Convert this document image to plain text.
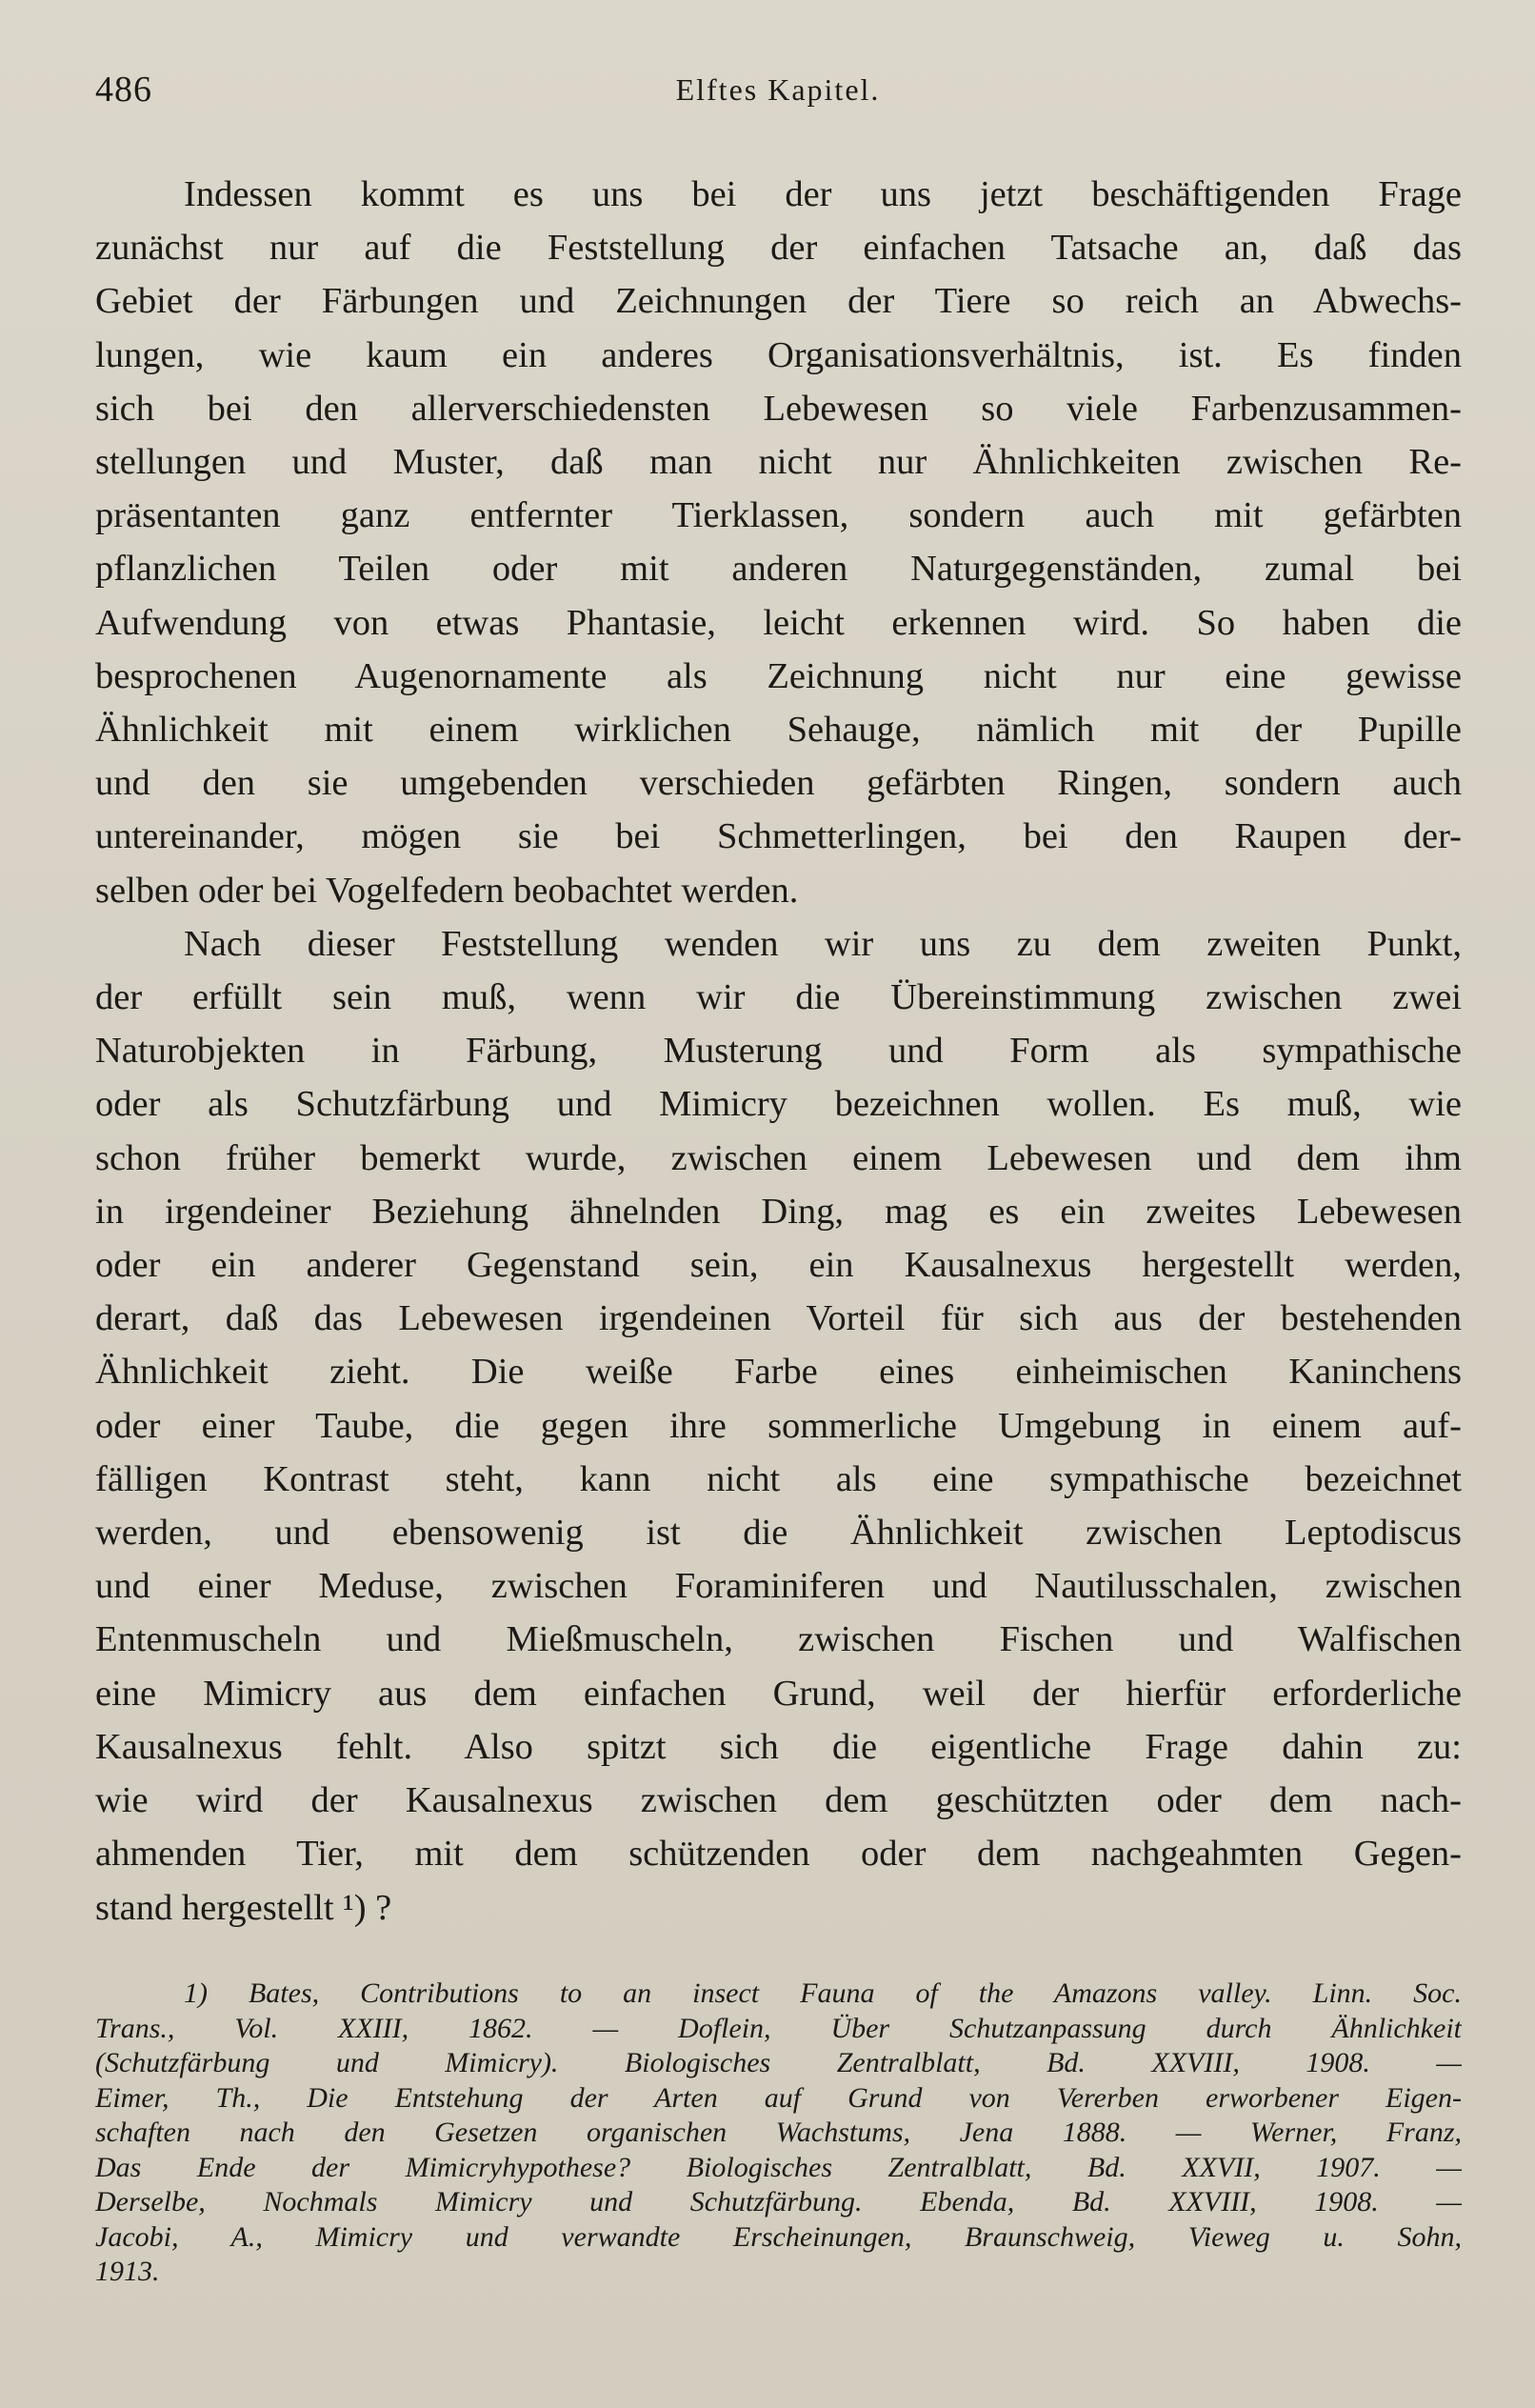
486	Elftes Kapitel.

Indessen kommt es uns bei der uns jetzt beschäftigenden Frage
zunächst nur auf die Feststellung der einfachen Tatsache an, daß das
Gebiet der Färbungen und Zeichnungen der Tiere so reich an Abwechs-
lungen, wie kaum ein anderes Organisationsverhältnis, ist. Es finden
sich bei den allerverschiedensten Lebewesen so viele Farbenzusammen-
stellungen und Muster, daß man nicht nur Ähnlichkeiten zwischen Re-
präsentanten ganz entfernter Tierklassen, sondern auch mit gefärbten
pflanzlichen Teilen oder mit anderen Naturgegenständen, zumal bei
Aufwendung von etwas Phantasie, leicht erkennen wird. So haben die
besprochenen Augenornamente als Zeichnung nicht nur eine gewisse
Ähnlichkeit mit einem wirklichen Sehauge, nämlich mit der Pupille
und den sie umgebenden verschieden gefärbten Ringen, sondern auch
untereinander, mögen sie bei Schmetterlingen, bei den Raupen der-
selben oder bei Vogelfedern beobachtet werden.

Nach dieser Feststellung wenden wir uns zu dem zweiten Punkt,
der erfüllt sein muß, wenn wir die Übereinstimmung zwischen zwei
Naturobjekten in Färbung, Musterung und Form als sympathische
oder als Schutzfärbung und Mimicry bezeichnen wollen. Es muß, wie
schon früher bemerkt wurde, zwischen einem Lebewesen und dem ihm
in irgendeiner Beziehung ähnelnden Ding, mag es ein zweites Lebewesen
oder ein anderer Gegenstand sein, ein Kausalnexus hergestellt werden,
derart, daß das Lebewesen irgendeinen Vorteil für sich aus der bestehenden
Ähnlichkeit zieht. Die weiße Farbe eines einheimischen Kaninchens
oder einer Taube, die gegen ihre sommerliche Umgebung in einem auf-
fälligen Kontrast steht, kann nicht als eine sympathische bezeichnet
werden, und ebensowenig ist die Ähnlichkeit zwischen Leptodiscus
und einer Meduse, zwischen Foraminiferen und Nautilusschalen, zwischen
Entenmuscheln und Mießmuscheln, zwischen Fischen und Walfischen
eine Mimicry aus dem einfachen Grund, weil der hierfür erforderliche
Kausalnexus fehlt. Also spitzt sich die eigentliche Frage dahin zu:
wie wird der Kausalnexus zwischen dem geschützten oder dem nach-
ahmenden Tier, mit dem schützenden oder dem nachgeahmten Gegen-
stand hergestellt ¹) ?

1) Bates, Contributions to an insect Fauna of the Amazons valley. Linn. Soc.
Trans., Vol. XXIII, 1862. — Doflein, Über Schutzanpassung durch Ähnlichkeit
(Schutzfärbung und Mimicry). Biologisches Zentralblatt, Bd. XXVIII, 1908. —
Eimer, Th., Die Entstehung der Arten auf Grund von Vererben erworbener Eigen-
schaften nach den Gesetzen organischen Wachstums, Jena 1888. — Werner, Franz,
Das Ende der Mimicryhypothese? Biologisches Zentralblatt, Bd. XXVII, 1907. —
Derselbe, Nochmals Mimicry und Schutzfärbung. Ebenda, Bd. XXVIII, 1908. —
Jacobi, A., Mimicry und verwandte Erscheinungen, Braunschweig, Vieweg u. Sohn,
1913.
